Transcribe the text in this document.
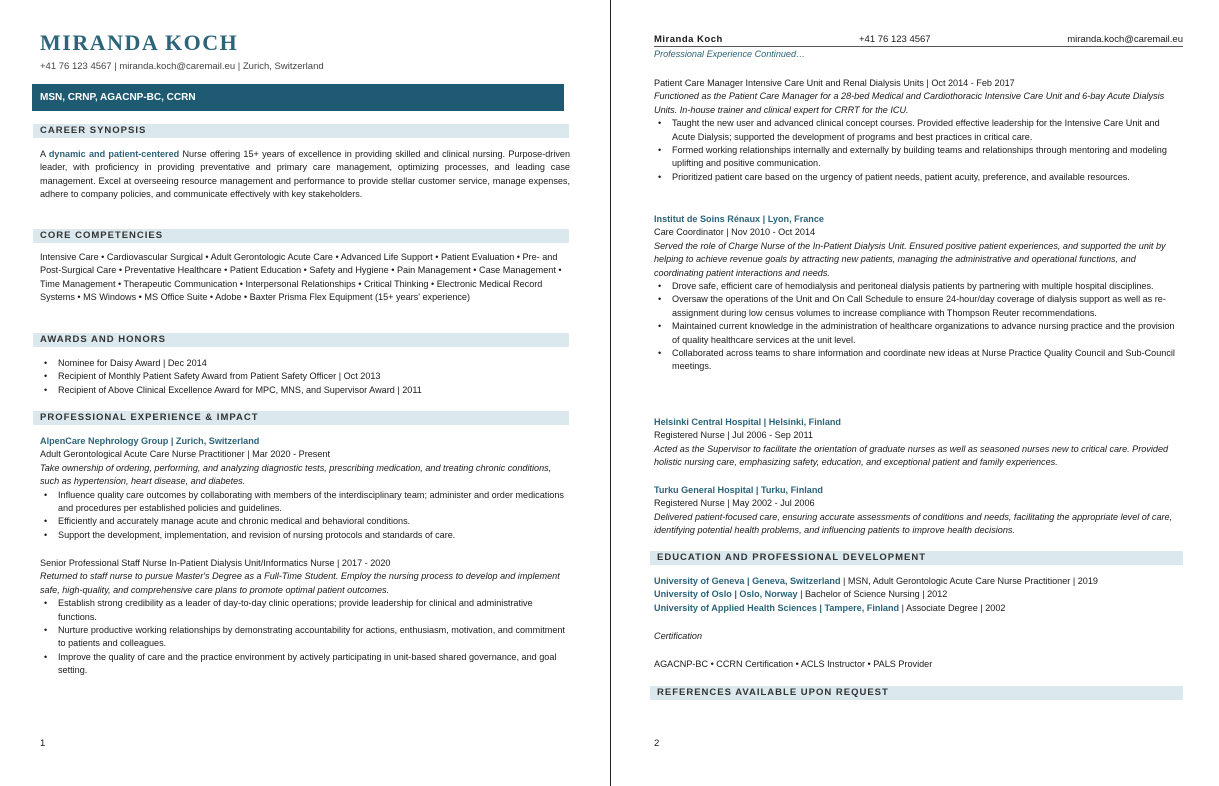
MIRANDA KOCH
+41 76 123 4567 | miranda.koch@caremail.eu | Zurich, Switzerland
MSN, CRNP, AGACNP-BC, CCRN
CAREER SYNOPSIS

A dynamic and patient-centered Nurse offering 15+ years of excellence in providing skilled and clinical nursing. Purpose-driven leader, with proficiency in providing preventative and primary care management, optimizing processes, and leading case management. Excel at overseeing resource management and performance to provide stellar customer service, manage expenses, adhere to company policies, and communicate effectively with key stakeholders.

CORE COMPETENCIES

Intensive Care • Cardiovascular Surgical • Adult Gerontologic Acute Care • Advanced Life Support • Patient Evaluation • Pre- and Post-Surgical Care • Preventative Healthcare • Patient Education • Safety and Hygiene • Pain Management • Case Management • Time Management • Therapeutic Communication • Interpersonal Relationships • Critical Thinking • Electronic Medical Record Systems • MS Windows • MS Office Suite • Adobe • Baxter Prisma Flex Equipment (15+ years' experience)

AWARDS AND HONORS
• Nominee for Daisy Award | Dec 2014
• Recipient of Monthly Patient Safety Award from Patient Safety Officer | Oct 2013
• Recipient of Above Clinical Excellence Award for MPC, MNS, and Supervisor Award | 2011
PROFESSIONAL EXPERIENCE & IMPACT

AlpenCare Nephrology Group | Zurich, Switzerland

Adult Gerontological Acute Care Nurse Practitioner | Mar 2020 - Present

Take ownership of ordering, performing, and analyzing diagnostic tests, prescribing medication, and treating chronic conditions, such as hypertension, heart disease, and diabetes.

• Influence quality care outcomes by collaborating with members of the interdisciplinary team; administer and order medications and procedures per established policies and guidelines.
• Efficiently and accurately manage acute and chronic medical and behavioral conditions.
• Support the development, implementation, and revision of nursing protocols and standards of care.

Senior Professional Staff Nurse In-Patient Dialysis Unit/Informatics Nurse | 2017 - 2020

Returned to staff nurse to pursue Master's Degree as a Full-Time Student. Employ the nursing process to develop and implement safe, high-quality, and comprehensive care plans to promote optimal patient outcomes.

• Establish strong credibility as a leader of day-to-day clinic operations; provide leadership for clinical and administrative functions.
• Nurture productive working relationships by demonstrating accountability for actions, enthusiasm, motivation, and commitment to patients and colleagues.
• Improve the quality of care and the practice environment by actively participating in unit-based shared governance, and goal setting.
1
Miranda Koch	+41 76 123 4567	miranda.koch@caremail.eu
Professional Experience Continued…

Patient Care Manager Intensive Care Unit and Renal Dialysis Units | Oct 2014 - Feb 2017

Functioned as the Patient Care Manager for a 28-bed Medical and Cardiothoracic Intensive Care Unit and 6-bay Acute Dialysis Units. In-house trainer and clinical expert for CRRT for the ICU.

• Taught the new user and advanced clinical concept courses. Provided effective leadership for the Intensive Care Unit and Acute Dialysis; supported the development of programs and best practices in critical care.
• Formed working relationships internally and externally by building teams and relationships through mentoring and modeling uplifting and positive communication.
• Prioritized patient care based on the urgency of patient needs, patient acuity, preference, and available resources.

Institut de Soins Rénaux | Lyon, France

Care Coordinator | Nov 2010 - Oct 2014

Served the role of Charge Nurse of the In-Patient Dialysis Unit. Ensured positive patient experiences, and supported the unit by helping to achieve revenue goals by attracting new patients, managing the administrative and operational functions, and coordinating patient interactions and needs.

• Drove safe, efficient care of hemodialysis and peritoneal dialysis patients by partnering with multiple hospital disciplines.
• Oversaw the operations of the Unit and On Call Schedule to ensure 24-hour/day coverage of dialysis support as well as re-assignment during low census volumes to increase compliance with Thompson Reuter recommendations.
• Maintained current knowledge in the administration of healthcare organizations to advance nursing practice and the provision of quality healthcare services at the unit level.
• Collaborated across teams to share information and coordinate new ideas at Nurse Practice Quality Council and Sub-Council meetings.

Helsinki Central Hospital | Helsinki, Finland

Registered Nurse | Jul 2006 - Sep 2011

Acted as the Supervisor to facilitate the orientation of graduate nurses as well as seasoned nurses new to critical care. Provided holistic nursing care, emphasizing safety, education, and exceptional patient and family experiences.

Turku General Hospital | Turku, Finland

Registered Nurse | May 2002 - Jul 2006

Delivered patient-focused care, ensuring accurate assessments of conditions and needs, facilitating the appropriate level of care, identifying potential health problems, and influencing patients to improve health decisions.

EDUCATION AND PROFESSIONAL DEVELOPMENT

University of Geneva | Geneva, Switzerland | MSN, Adult Gerontologic Acute Care Nurse Practitioner | 2019

University of Oslo | Oslo, Norway | Bachelor of Science Nursing | 2012

University of Applied Health Sciences | Tampere, Finland | Associate Degree | 2002

Certification
AGACNP-BC • CCRN Certification • ACLS Instructor • PALS Provider
REFERENCES AVAILABLE UPON REQUEST
2
